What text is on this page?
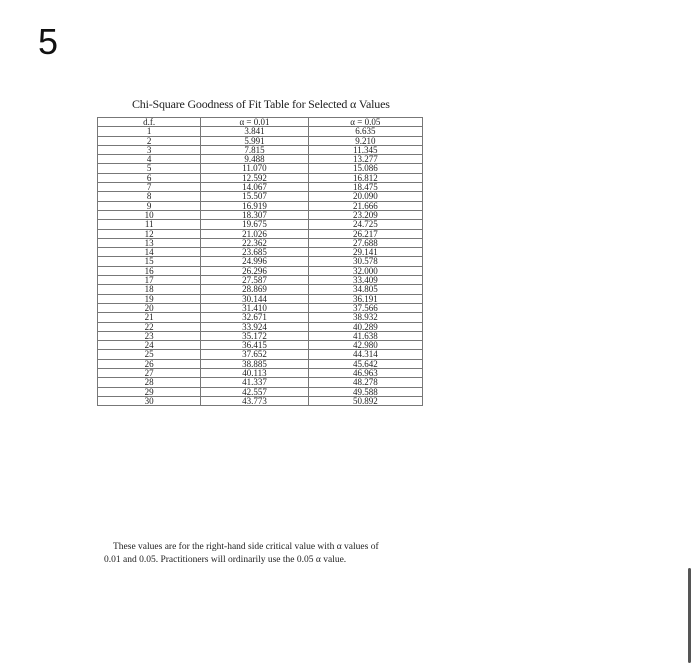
5
Chi-Square Goodness of Fit Table for Selected α Values
d.f.	α = 0.01	α = 0.05
1	3.841	6.635
2	5.991	9.210
3	7.815	11.345
4	9.488	13.277
5	11.070	15.086
6	12.592	16.812
7	14.067	18.475
8	15.507	20.090
9	16.919	21.666
10	18.307	23.209
11	19.675	24.725
12	21.026	26.217
13	22.362	27.688
14	23.685	29.141
15	24.996	30.578
16	26.296	32.000
17	27.587	33.409
18	28.869	34.805
19	30.144	36.191
20	31.410	37.566
21	32.671	38.932
22	33.924	40.289
23	35.172	41.638
24	36.415	42.980
25	37.652	44.314
26	38.885	45.642
27	40.113	46.963
28	41.337	48.278
29	42.557	49.588
30	43.773	50.892
These values are for the right-hand side critical value with α values of
0.01 and 0.05. Practitioners will ordinarily use the 0.05 α value.
